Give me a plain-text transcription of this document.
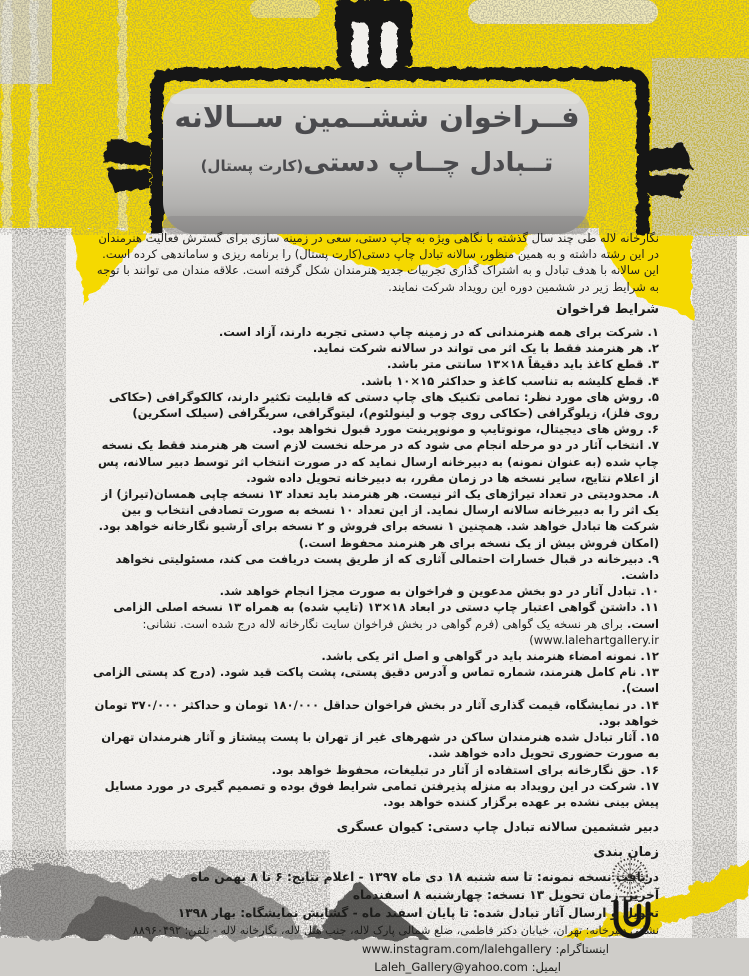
فــراخوان ششــمین ســالانه
تــبادل چــاپ دستی(کارت پستال)

نگارخانه لاله طی چند سال گذشته با نگاهی ویژه به چاپ دستی، سعی در زمینه سازی برای گسترش فعالیت هنرمندان در این رشته داشته و به همین منظور، سالانه تبادل چاپ دستی(کارت پستال) را برنامه ریزی و ساماندهی کرده است. این سالانه با هدف تبادل و به اشتراک گذاری تجربیات جدید هنرمندان شکل گرفته است. علاقه مندان می توانند با توجه به شرایط زیر در ششمین دوره این رویداد شرکت نمایند.

شرایط فراخوان
۱. شرکت برای همه هنرمندانی که در زمینه چاپ دستی تجربه دارند، آزاد است.
۲. هر هنرمند فقط با یک اثر می تواند در سالانه شرکت نماید.
۳. قطع کاغذ باید دقیقاً ۱۸×۱۳ سانتی متر باشد.
۴. قطع کلیشه به تناسب کاغذ و حداکثر ۱۵×۱۰ باشد.
۵. روش های مورد نظر: تمامی تکنیک های چاپ دستی که قابلیت تکثیر دارند، کالکوگرافی (حکاکی روی فلز)، زیلوگرافی (حکاکی روی چوب و لینولئوم)، لیتوگرافی، سریگرافی (سیلک اسکرین)
۶. روش های دیجیتال، مونوتایپ و مونوپرینت مورد قبول نخواهد بود.
۷. انتخاب آثار در دو مرحله انجام می شود که در مرحله نخست لازم است هر هنرمند فقط یک نسخه چاپ شده (به عنوان نمونه) به دبیرخانه ارسال نماید که در صورت انتخاب اثر توسط دبیر سالانه، پس از اعلام نتایج، سایر نسخه ها در زمان مقرر، به دبیرخانه تحویل داده شود.
۸. محدودیتی در تعداد تیراژهای یک اثر نیست. هر هنرمند باید تعداد ۱۳ نسخه چاپی همسان(تیراژ) از یک اثر را به دبیرخانه سالانه ارسال نماید. از این تعداد ۱۰ نسخه به صورت تصادفی انتخاب و بین شرکت ها تبادل خواهد شد. همچنین ۱ نسخه برای فروش و ۲ نسخه برای آرشیو نگارخانه خواهد بود. (امکان فروش بیش از یک نسخه برای هر هنرمند محفوظ است.)
۹. دبیرخانه در قبال خسارات احتمالی آثاری که از طریق پست دریافت می کند، مسئولیتی نخواهد داشت.
۱۰. تبادل آثار در دو بخش مدعوین و فراخوان به صورت مجزا انجام خواهد شد.
۱۱. داشتن گواهی اعتبار چاپ دستی در ابعاد ۱۸×۱۳ (تایپ شده) به همراه ۱۳ نسخه اصلی الزامی است. برای هر نسخه یک گواهی (فرم گواهی در بخش فراخوان سایت نگارخانه لاله درج شده است. نشانی: www.lalehartgallery.ir)
۱۲. نمونه امضاء هنرمند باید در گواهی و اصل اثر یکی باشد.
۱۳. نام کامل هنرمند، شماره تماس و آدرس دقیق پستی، پشت پاکت قید شود. (درج کد پستی الزامی است).
۱۴. در نمایشگاه، قیمت گذاری آثار در بخش فراخوان حداقل ۱۸۰/۰۰۰ تومان و حداکثر ۳۷۰/۰۰۰ تومان خواهد بود.
۱۵. آثار تبادل شده هنرمندان ساکن در شهرهای غیر از تهران با پست پیشتاز و آثار هنرمندان تهران به صورت حضوری تحویل داده خواهد شد.
۱۶. حق نگارخانه برای استفاده از آثار در تبلیغات، محفوظ خواهد بود.
۱۷. شرکت در این رویداد به منزله پذیرفتن تمامی شرایط فوق بوده و تصمیم گیری در مورد مسایل پیش بینی نشده بر عهده برگزار کننده خواهد بود.
دبیر ششمین سالانه تبادل چاپ دستی: کیوان عسگری
زمان بندی
دریافت نسخه نمونه: تا سه شنبه ۱۸ دی ماه ۱۳۹۷ - اعلام نتایج: ۶ تا ۸ بهمن ماه
آخرین زمان تحویل ۱۳ نسخه: چهارشنبه ۸ اسفندماه
تحویل و ارسال آثار تبادل شده: تا پایان اسفند ماه - گشایش نمایشگاه: بهار ۱۳۹۸
نشانی دبیرخانه: تهران، خیابان دکتر فاطمی، ضلع شمالی پارک لاله، جنب هتل لاله، نگارخانه لاله - تلفن: ۸۸۹۶۰۴۹۲
اینستاگرام: www.instagram.com/lalehgallery
ایمیل: Laleh_Gallery@yahoo.com
